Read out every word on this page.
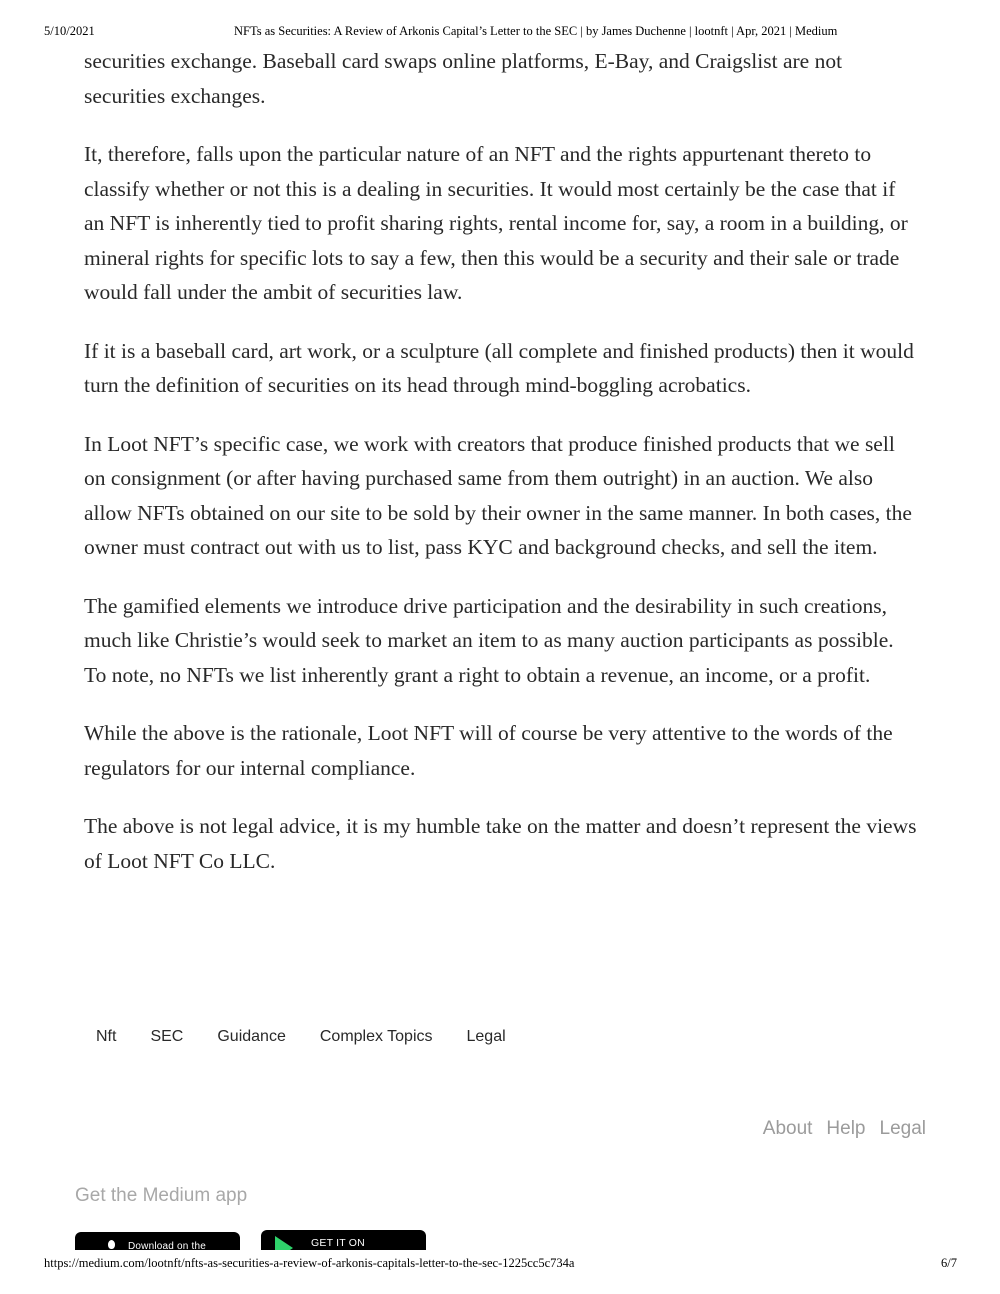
5/10/2021	NFTs as Securities: A Review of Arkonis Capital’s Letter to the SEC | by James Duchenne | lootnft | Apr, 2021 | Medium

securities exchange. Baseball card swaps online platforms, E-Bay, and Craigslist are not securities exchanges.

It, therefore, falls upon the particular nature of an NFT and the rights appurtenant thereto to classify whether or not this is a dealing in securities. It would most certainly be the case that if an NFT is inherently tied to profit sharing rights, rental income for, say, a room in a building, or mineral rights for specific lots to say a few, then this would be a security and their sale or trade would fall under the ambit of securities law.

If it is a baseball card, art work, or a sculpture (all complete and finished products) then it would turn the definition of securities on its head through mind-boggling acrobatics.

In Loot NFT’s specific case, we work with creators that produce finished products that we sell on consignment (or after having purchased same from them outright) in an auction. We also allow NFTs obtained on our site to be sold by their owner in the same manner. In both cases, the owner must contract out with us to list, pass KYC and background checks, and sell the item.

The gamified elements we introduce drive participation and the desirability in such creations, much like Christie’s would seek to market an item to as many auction participants as possible. To note, no NFTs we list inherently grant a right to obtain a revenue, an income, or a profit.

While the above is the rationale, Loot NFT will of course be very attentive to the words of the regulators for our internal compliance.

The above is not legal advice, it is my humble take on the matter and doesn’t represent the views of Loot NFT Co LLC.

Nft	SEC	Guidance	Complex Topics	Legal
About Help Legal
Get the Medium app
Download on the	GET IT ON
https://medium.com/lootnft/nfts-as-securities-a-review-of-arkonis-capitals-letter-to-the-sec-1225cc5c734a	6/7
